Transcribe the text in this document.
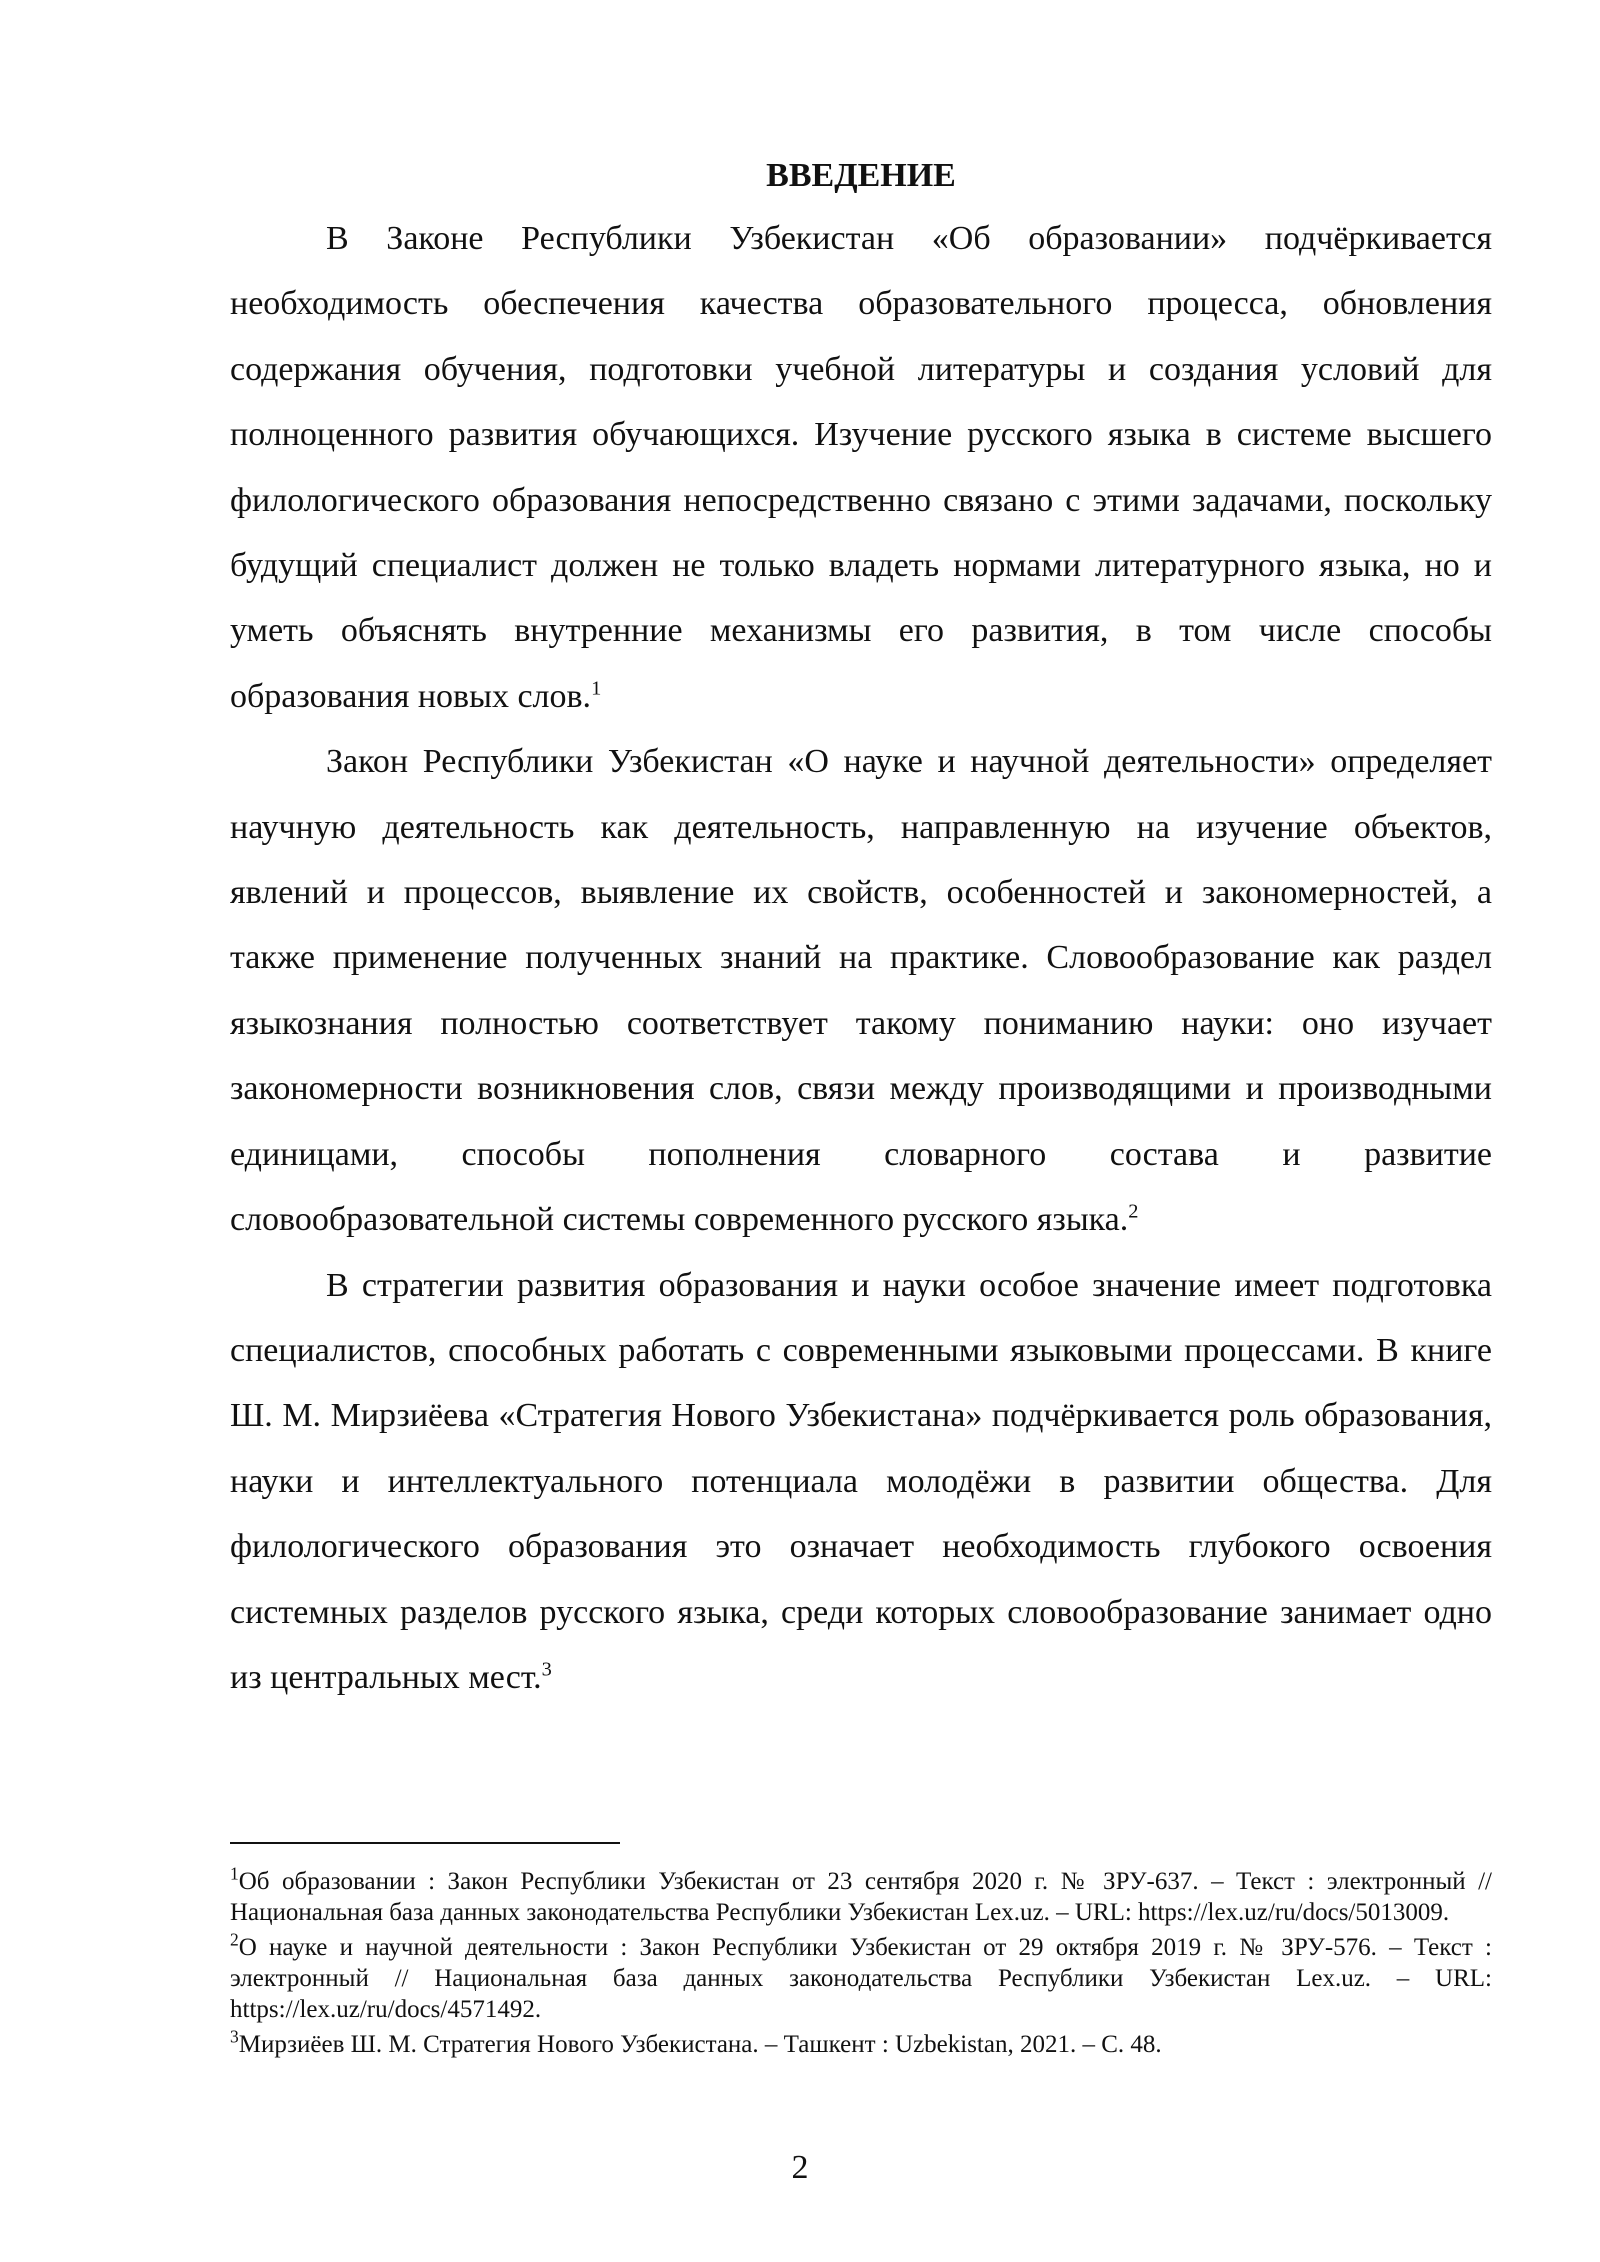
ВВЕДЕНИЕ

В Законе Республики Узбекистан «Об образовании» подчёркивается необходимость обеспечения качества образовательного процесса, обновления содержания обучения, подготовки учебной литературы и создания условий для полноценного развития обучающихся. Изучение русского языка в системе высшего филологического образования непосредственно связано с этими задачами, поскольку будущий специалист должен не только владеть нормами литературного языка, но и уметь объяснять внутренние механизмы его развития, в том числе способы образования новых слов.$^1$

Закон Республики Узбекистан «О науке и научной деятельности» определяет научную деятельность как деятельность, направленную на изучение объектов, явлений и процессов, выявление их свойств, особенностей и закономерностей, а также применение полученных знаний на практике. Словообразование как раздел языкознания полностью соответствует такому пониманию науки: оно изучает закономерности возникновения слов, связи между производящими и производными единицами, способы пополнения словарного состава и развитие словообразовательной системы современного русского языка.$^2$

В стратегии развития образования и науки особое значение имеет подготовка специалистов, способных работать с современными языковыми процессами. В книге Ш. М. Мирзиёева «Стратегия Нового Узбекистана» подчёркивается роль образования, науки и интеллектуального потенциала молодёжи в развитии общества. Для филологического образования это означает необходимость глубокого освоения системных разделов русского языка, среди которых словообразование занимает одно из центральных мест.$^3$

$^1$Об образовании : Закон Республики Узбекистан от 23 сентября 2020 г. № ЗРУ-637. – Текст : электронный // Национальная база данных законодательства Республики Узбекистан Lex.uz. – URL: https://lex.uz/ru/docs/5013009.

$^2$О науке и научной деятельности : Закон Республики Узбекистан от 29 октября 2019 г. № ЗРУ-576. – Текст : электронный // Национальная база данных законодательства Республики Узбекистан Lex.uz. – URL: https://lex.uz/ru/docs/4571492.

$^3$Мирзиёев Ш. М. Стратегия Нового Узбекистана. – Ташкент : Uzbekistan, 2021. – С. 48.

2
